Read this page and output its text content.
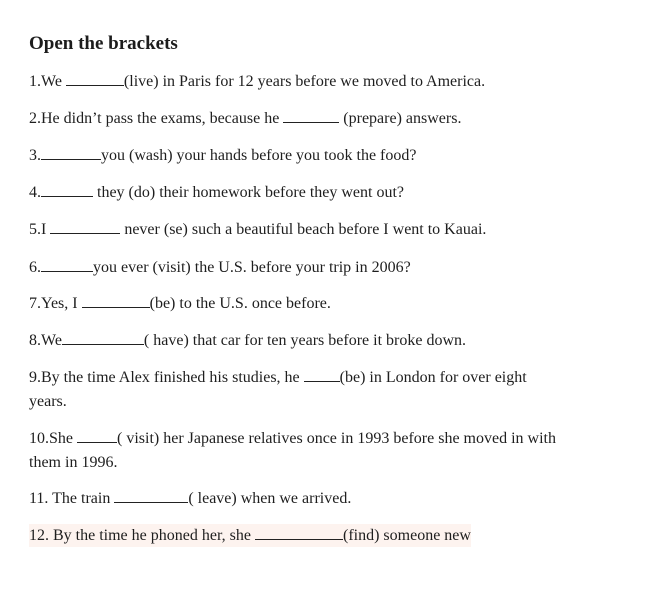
Open the brackets
1.We	(live) in Paris for 12 years before we moved to America.
2.He didn’t pass the exams, because he	(prepare) answers.
3.	you (wash) your hands before you took the food?
4.	they (do) their homework before they went out?
5.I	never (se) such a beautiful beach before I went to Kauai.
6.	you ever (visit) the U.S. before your trip in 2006?
7.Yes, I	(be) to the U.S. once before.
8.We	( have) that car for ten years before it broke down.
9.By the time Alex finished his studies, he (be) in London for over eight
years.
10.She	( visit) her Japanese relatives once in 1993 before she moved in with
them in 1996.
11. The train	( leave) when we arrived.
12. By the time he phoned her, she	(find) someone new
